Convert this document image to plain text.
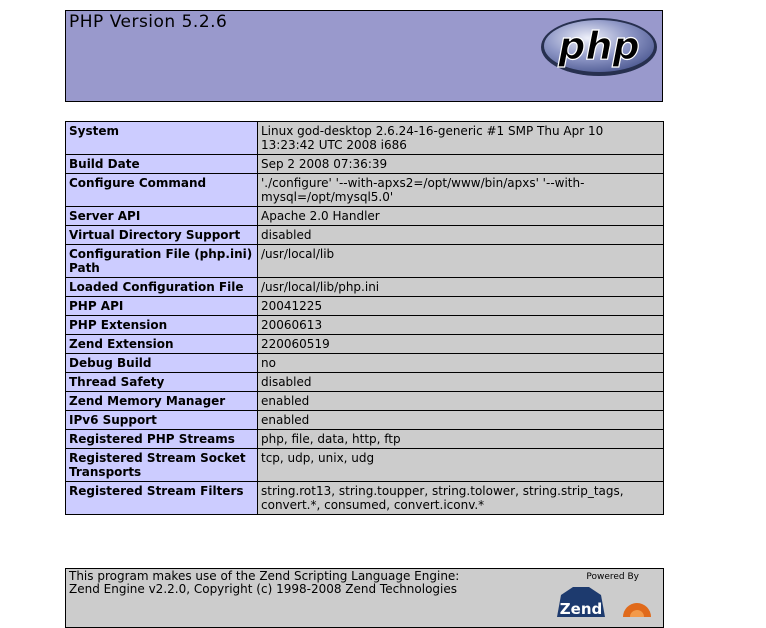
PHP Version 5.2.6
php
System	Linux god-desktop 2.6.24-16-generic #1 SMP Thu Apr 10 13:23:42 UTC 2008 i686
Build Date	Sep 2 2008 07:36:39
Configure Command	'./configure' '--with-apxs2=/opt/www/bin/apxs' '--with-mysql=/opt/mysql5.0'
Server API	Apache 2.0 Handler
Virtual Directory Support	disabled
Configuration File (php.ini) Path	/usr/local/lib
Loaded Configuration File	/usr/local/lib/php.ini
PHP API	20041225
PHP Extension	20060613
Zend Extension	220060519
Debug Build	no
Thread Safety	disabled
Zend Memory Manager	enabled
IPv6 Support	enabled
Registered PHP Streams	php, file, data, http, ftp
Registered Stream Socket Transports	tcp, udp, unix, udg
Registered Stream Filters	string.rot13, string.toupper, string.tolower, string.strip_tags, convert.*, consumed, convert.iconv.*
This program makes use of the Zend Scripting Language Engine:
Zend Engine v2.2.0, Copyright (c) 1998-2008 Zend Technologies
Powered By
Zend
